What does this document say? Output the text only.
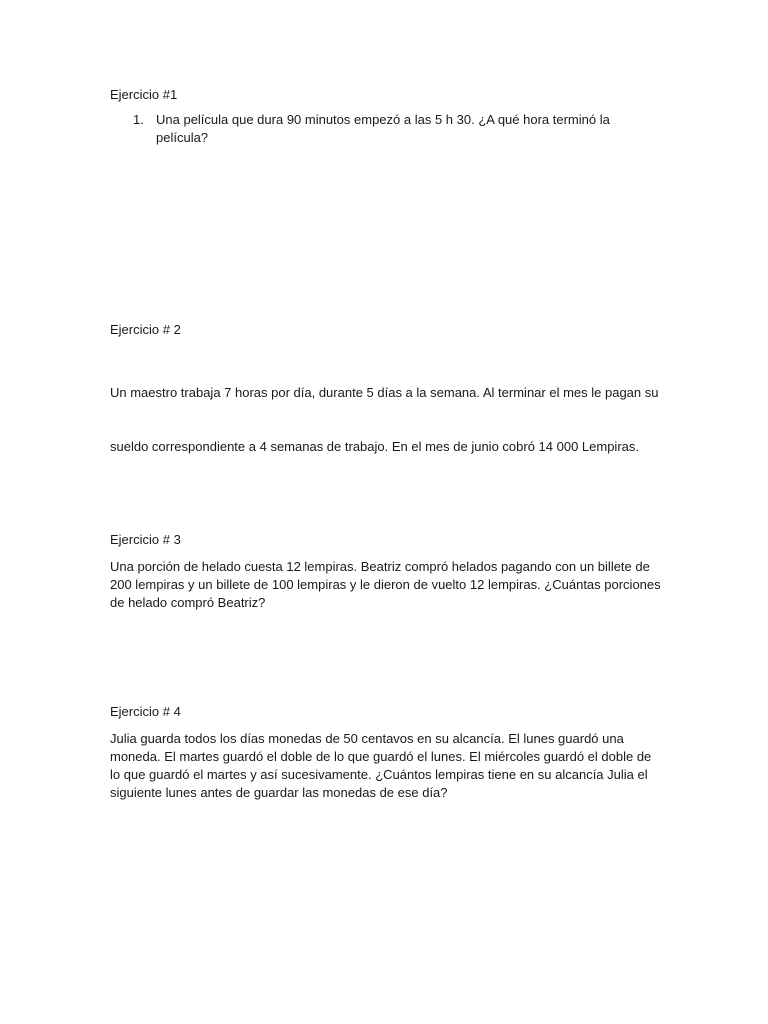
Ejercicio #1

1. Una película que dura 90 minutos empezó a las 5 h 30. ¿A qué hora terminó la
película?

Ejercicio # 2

Un maestro trabaja 7 horas por día, durante 5 días a la semana. Al terminar el mes le pagan su

sueldo correspondiente a 4 semanas de trabajo. En el mes de junio cobró 14 000 Lempiras.

Ejercicio # 3

Una porción de helado cuesta 12 lempiras. Beatriz compró helados pagando con un billete de
200 lempiras y un billete de 100 lempiras y le dieron de vuelto 12 lempiras. ¿Cuántas porciones
de helado compró Beatriz?

Ejercicio # 4

Julia guarda todos los días monedas de 50 centavos en su alcancía. El lunes guardó una
moneda. El martes guardó el doble de lo que guardó el lunes. El miércoles guardó el doble de
lo que guardó el martes y así sucesivamente. ¿Cuántos lempiras tiene en su alcancía Julia el
siguiente lunes antes de guardar las monedas de ese día?
